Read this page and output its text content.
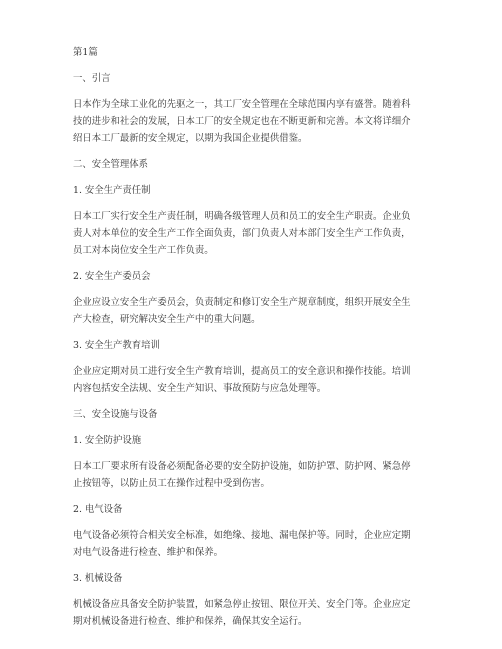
第1篇

一、引言

日本作为全球工业化的先驱之一，其工厂安全管理在全球范围内享有盛誉。随着科

技的进步和社会的发展，日本工厂的安全规定也在不断更新和完善。本文将详细介

绍日本工厂最新的安全规定，以期为我国企业提供借鉴。

二、安全管理体系

1. 安全生产责任制

日本工厂实行安全生产责任制，明确各级管理人员和员工的安全生产职责。企业负

责人对本单位的安全生产工作全面负责，部门负责人对本部门安全生产工作负责，

员工对本岗位安全生产工作负责。

2. 安全生产委员会

企业应设立安全生产委员会，负责制定和修订安全生产规章制度，组织开展安全生

产大检查，研究解决安全生产中的重大问题。

3. 安全生产教育培训

企业应定期对员工进行安全生产教育培训，提高员工的安全意识和操作技能。培训

内容包括安全法规、安全生产知识、事故预防与应急处理等。

三、安全设施与设备

1. 安全防护设施

日本工厂要求所有设备必须配备必要的安全防护设施，如防护罩、防护网、紧急停

止按钮等，以防止员工在操作过程中受到伤害。

2. 电气设备

电气设备必须符合相关安全标准，如绝缘、接地、漏电保护等。同时，企业应定期

对电气设备进行检查、维护和保养。

3. 机械设备

机械设备应具备安全防护装置，如紧急停止按钮、限位开关、安全门等。企业应定

期对机械设备进行检查、维护和保养，确保其安全运行。
